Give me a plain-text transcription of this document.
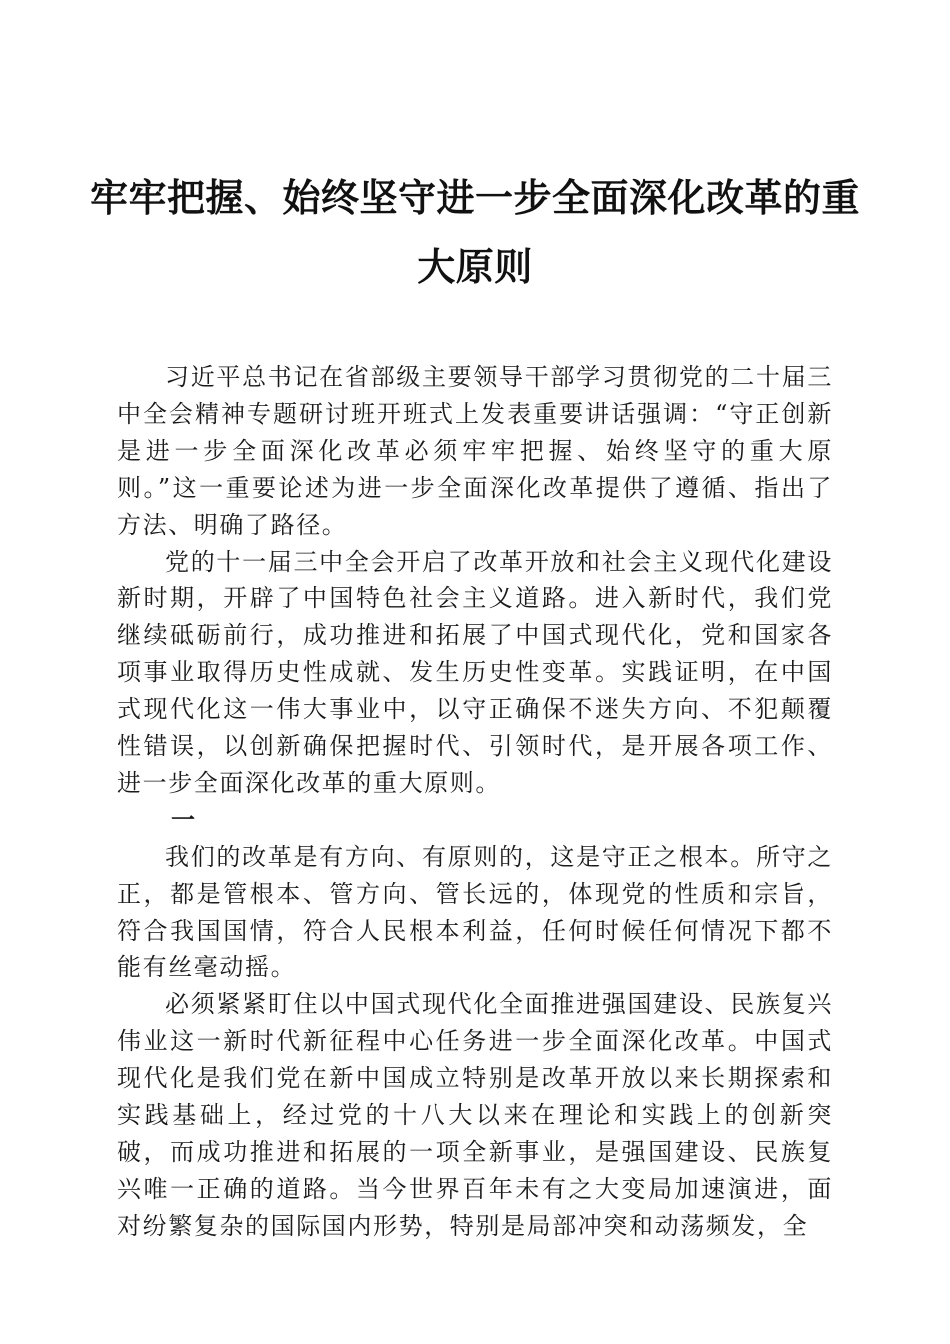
牢牢把握、始终坚守进一步全面深化改革的重
大原则

习近平总书记在省部级主要领导干部学习贯彻党的二十届三中全会精神专题研讨班开班式上发表重要讲话强调：“守正创新是进一步全面深化改革必须牢牢把握、始终坚守的重大原则。”这一重要论述为进一步全面深化改革提供了遵循、指出了方法、明确了路径。

党的十一届三中全会开启了改革开放和社会主义现代化建设新时期，开辟了中国特色社会主义道路。进入新时代，我们党继续砥砺前行，成功推进和拓展了中国式现代化，党和国家各项事业取得历史性成就、发生历史性变革。实践证明，在中国式现代化这一伟大事业中，以守正确保不迷失方向、不犯颠覆性错误，以创新确保把握时代、引领时代，是开展各项工作、进一步全面深化改革的重大原则。

一

我们的改革是有方向、有原则的，这是守正之根本。所守之正，都是管根本、管方向、管长远的，体现党的性质和宗旨，符合我国国情，符合人民根本利益，任何时候任何情况下都不能有丝毫动摇。

必须紧紧盯住以中国式现代化全面推进强国建设、民族复兴伟业这一新时代新征程中心任务进一步全面深化改革。中国式现代化是我们党在新中国成立特别是改革开放以来长期探索和实践基础上，经过党的十八大以来在理论和实践上的创新突破，而成功推进和拓展的一项全新事业，是强国建设、民族复兴唯一正确的道路。当今世界百年未有之大变局加速演进，面对纷繁复杂的国际国内形势，特别是局部冲突和动荡频发，全
